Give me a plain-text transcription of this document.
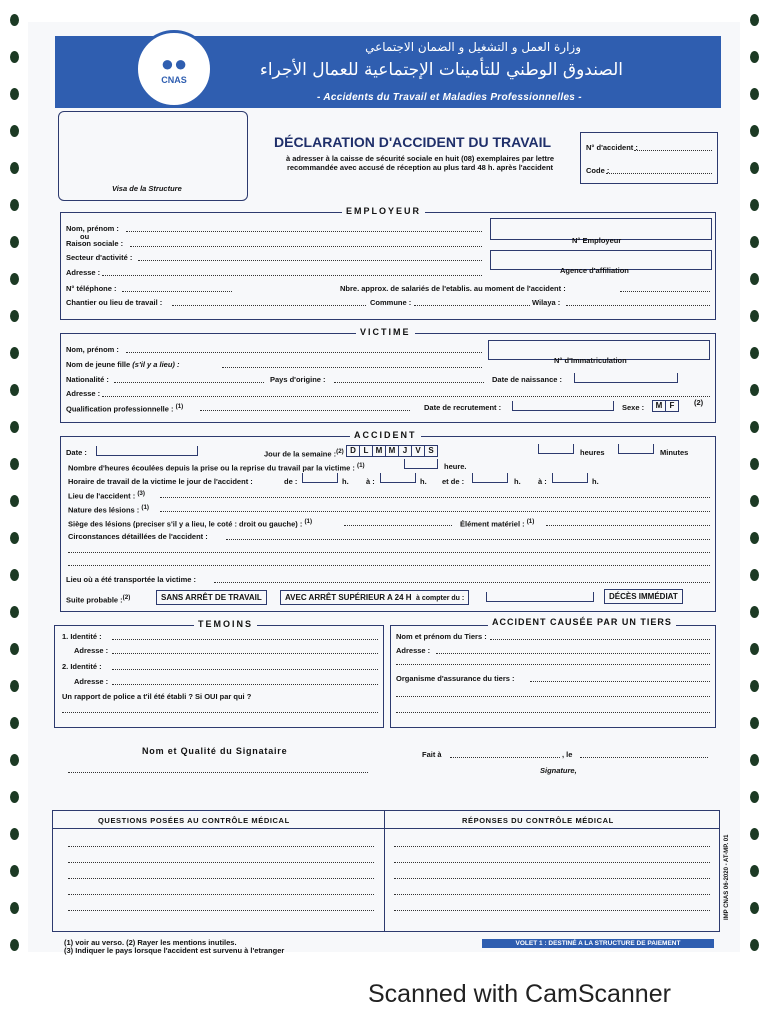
وزارة العمل و التشغيل و الضمان الاجتماعي
الصندوق الوطني للتأمينات الإجتماعية للعمال الأجراء
- Accidents du Travail et Maladies Professionnelles -
●●
CNAS
Visa de la Structure
DÉCLARATION D'ACCIDENT DU TRAVAIL
à adresser à la caisse de sécurité sociale en huit (08) exemplaires par lettre recommandée avec accusé de réception au plus tard 48 h. après l'accident
N° d'accident :
Code :
EMPLOYEUR
Nom, prénom :
ou
Raison sociale :
Secteur d'activité :
Adresse :
N° Employeur
Agence d'affiliation
N° téléphone :	Nbre. approx. de salariés de l'etablis. au moment de l'accident :
Chantier ou lieu de travail :	Commune :	Wilaya :
VICTIME
Nom, prénom :
Nom de jeune fille (s'il y a lieu) :	N° d'Immatriculation
Nationalité :	Pays d'origine :	Date de naissance :
Adresse :
Qualification professionnelle : $^{(1)}$	Date de recrutement :	Sexe :	M F	(2)
ACCIDENT
Date :	Jour de la semaine :$^{(2)}$ D L M M J	V S	heures	Minutes
Nombre d'heures écoulées depuis la prise ou la reprise du travail par la victime : $^{(1)}$	heure.
Horaire de travail de la victime le jour de l'accident :	de :	h. à :	h. et de :	h. à :	h.
Lieu de l'accident : $^{(3)}$
Nature des lésions : $^{(1)}$
Siège des lésions (preciser s'il y a lieu, le coté : droit ou gauche) : $^{(1)}$	Élément matériel : $^{(1)}$
Circonstances détaillées de l'accident :
Lieu où a été transportée la victime :
Suite probable :$^{(2)}$	SANS ARRÊT DE TRAVAIL	AVEC ARRÊT SUPÉRIEUR A 24 H à compter du :	DÉCÈS IMMÉDIAT
TEMOINS
1. Identité :
Adresse :
2. Identité :
Adresse :
Un rapport de police a t'il été établi ? Si OUI par qui ?
ACCIDENT CAUSÉE PAR UN TIERS
Nom et prénom du Tiers :
Adresse :
Organisme d'assurance du tiers :
Nom et Qualité du Signataire	Fait à	, le
Signature,
QUESTIONS POSÉES AU CONTRÔLE MÉDICAL	RÉPONSES DU CONTRÔLE MÉDICAL
(1) voir au verso. (2) Rayer les mentions inutiles.
(3) Indiquer le pays lorsque l'accident est survenu à l'etranger
VOLET 1 : DESTINÉ A LA STRUCTURE DE PAIEMENT
IMP CNAS 06-2020 - AT-MP. 01
Scanned with CamScanner
